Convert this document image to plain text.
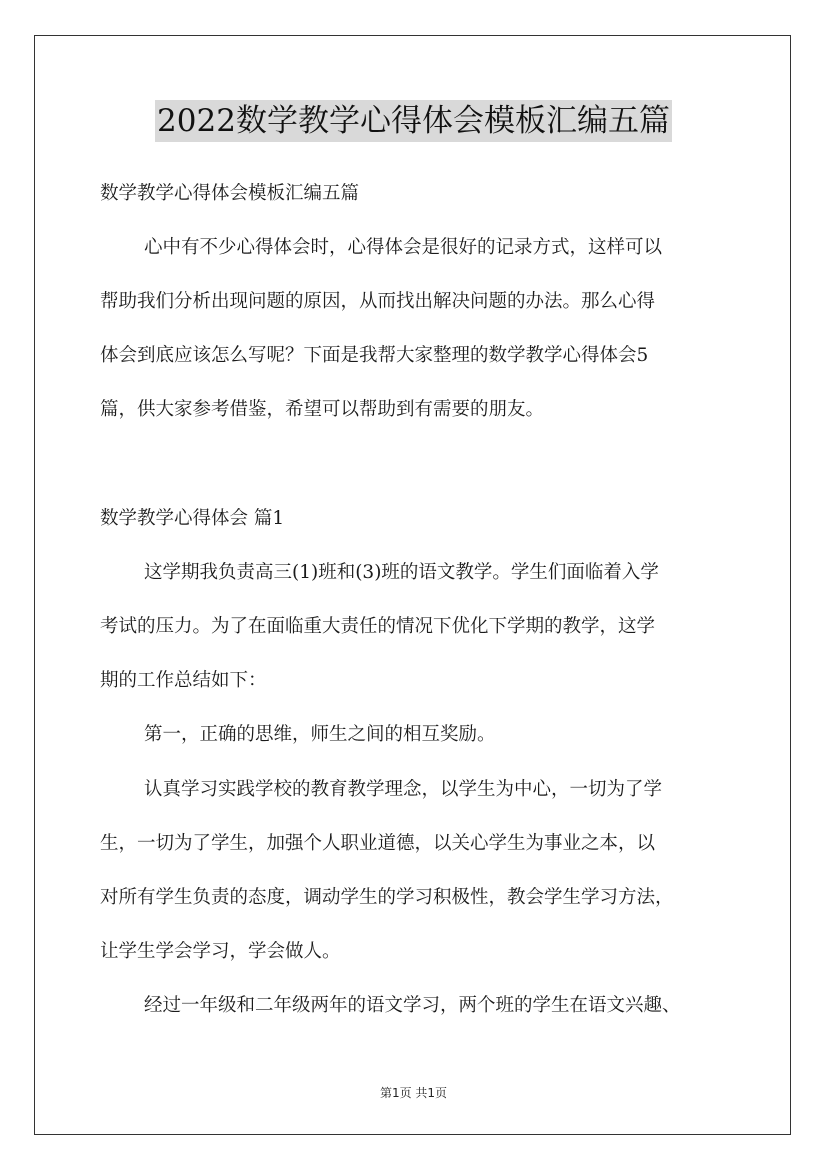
2022数学教学心得体会模板汇编五篇
数学教学心得体会模板汇编五篇
心中有不少心得体会时，心得体会是很好的记录方式，这样可以
帮助我们分析出现问题的原因，从而找出解决问题的办法。那么心得
体会到底应该怎么写呢？下面是我帮大家整理的数学教学心得体会5
篇，供大家参考借鉴，希望可以帮助到有需要的朋友。
数学教学心得体会 篇1
这学期我负责高三(1)班和(3)班的语文教学。学生们面临着入学
考试的压力。为了在面临重大责任的情况下优化下学期的教学，这学
期的工作总结如下：
第一，正确的思维，师生之间的相互奖励。
认真学习实践学校的教育教学理念，以学生为中心，一切为了学
生，一切为了学生，加强个人职业道德，以关心学生为事业之本，以
对所有学生负责的态度，调动学生的学习积极性，教会学生学习方法，
让学生学会学习，学会做人。
经过一年级和二年级两年的语文学习，两个班的学生在语文兴趣、
第1页 共1页
